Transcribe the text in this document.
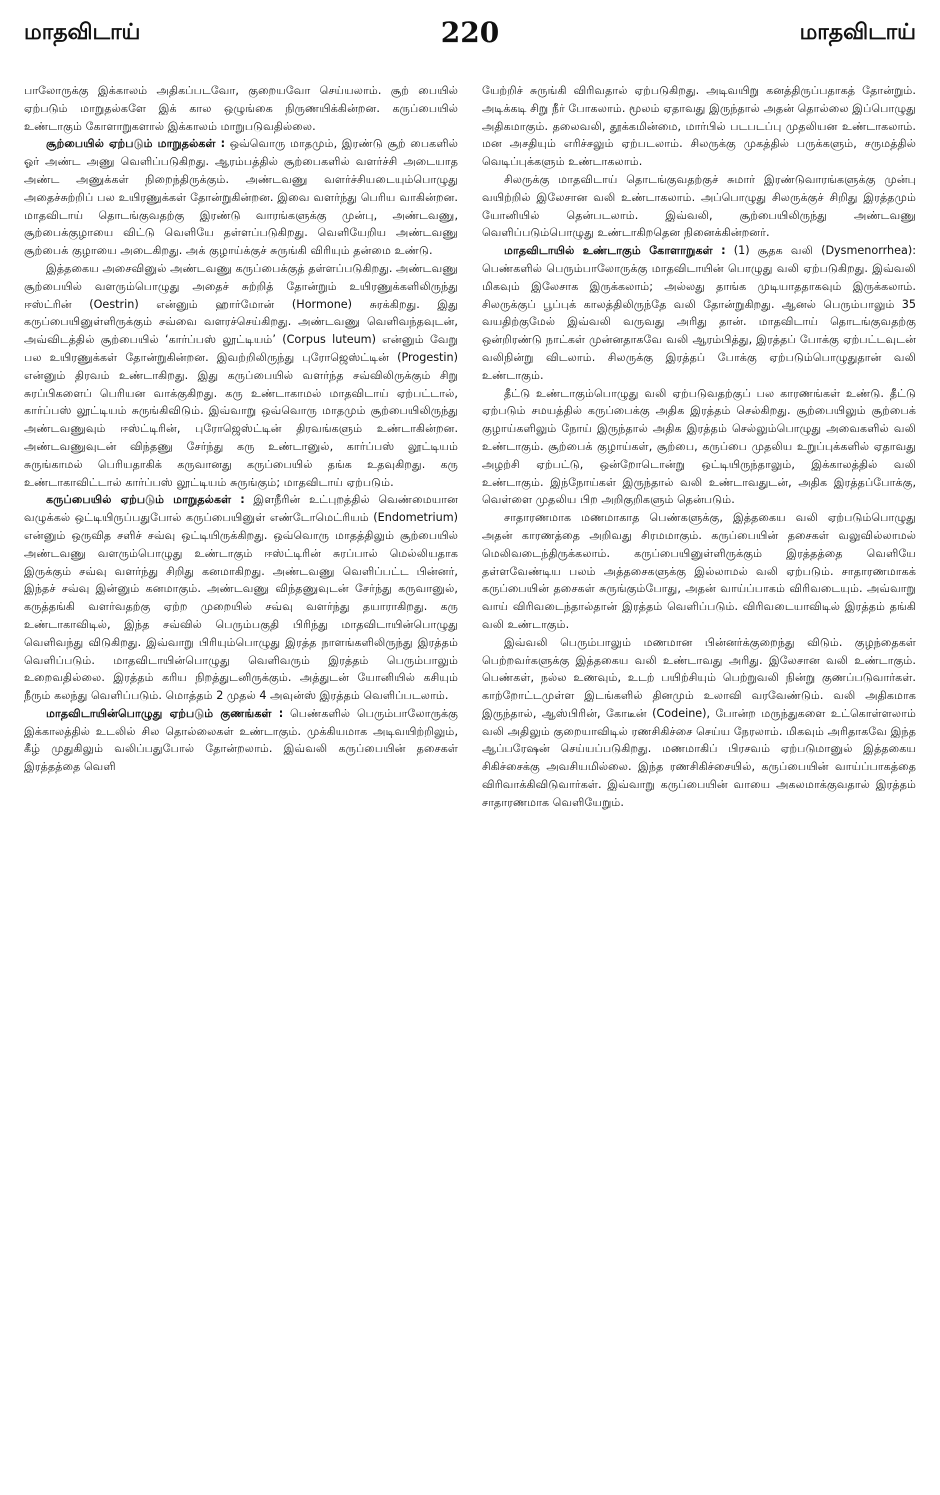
மாதவிடாய்	220	மாதவிடாய்

பாலோருக்கு இக்காலம் அதிகப்படவோ, குறையவோ செய்யலாம். சூற் பையில் ஏற்படும் மாறுதல்களே இக் கால ஒழுங்கை நிருணயிக்கின்றன. கருப்பையில் உண்டாகும் கோளாறுகளால் இக்காலம் மாறுபடுவதில்லை.

சூற்பையில் ஏற்படும் மாறுதல்கள் : ஒவ்வொரு மாதமும், இரண்டு சூற் பைகளில் ஓர் அண்ட அணு வெளிப்படுகிறது. ஆரம்பத்தில் சூற்பைகளில் வளர்ச்சி அடையாத அண்ட அணுக்கள் நிறைந்திருக்கும். அண்டவணு வளர்ச்சியடையும்பொழுது அதைச்சுற்றிப் பல உயிரணுக்கள் தோன்றுகின்றன. இவை வளர்ந்து பெரிய வாகின்றன. மாதவிடாய் தொடங்குவதற்கு இரண்டு வாரங்களுக்கு முன்பு, அண்டவணு, சூற்பைக்குழாயை விட்டு வெளியே தள்ளப்படுகிறது. வெளியேறிய அண்டவணு சூற்பைக் குழாயை அடைகிறது. அக் குழாய்க்குச் சுருங்கி விரியும் தன்மை உண்டு.

இத்தகைய அசைவினுல் அண்டவணு கருப்பைக்குத் தள்ளப்படுகிறது. அண்டவணு சூற்பையில் வளரும்பொழுது அதைச் சுற்றித் தோன்றும் உயிரணுக்களிலிருந்து ஈஸ்ட்ரின் (Oestrin) என்னும் ஹார்மோன் (Hormone) சுரக்கிறது. இது கருப்பையினுள்ளிருக்கும் சவ்வை வளரச்செய்கிறது. அண்டவணு வெளிவந்தவுடன், அவ்விடத்தில் சூற்பையில் ‘கார்ப்பஸ் லூட்டியம்’ (Corpus luteum) என்னும் வேறு பல உயிரணுக்கள் தோன்றுகின்றன. இவற்றிலிருந்து புரோஜெஸ்ட்டின் (Progestin) என்னும் திரவம் உண்டாகிறது. இது கருப்பையில் வளர்ந்த சவ்விலிருக்கும் சிறு சுரப்பிகளைப் பெரியன வாக்குகிறது. கரு உண்டாகாமல் மாதவிடாய் ஏற்பட்டால், கார்ப்பஸ் லூட்டியம் சுருங்கிவிடும். இவ்வாறு ஒவ்வொரு மாதமும் சூற்பையிலிருந்து அண்டவணுவும் ஈஸ்ட்டிரின், புரோஜெஸ்ட்டின் திரவங்களும் உண்டாகின்றன. அண்டவணுவுடன் விந்தணு சேர்ந்து கரு உண்டானுல், கார்ப்பஸ் லூட்டியம் சுருங்காமல் பெரியதாகிக் கருவானது கருப்பையில் தங்க உதவுகிறது. கரு உண்டாகாவிட்டால் கார்ப்பஸ் லூட்டியம் சுருங்கும்; மாதவிடாய் ஏற்படும்.

கருப்பையில் ஏற்படும் மாறுதல்கள் : இளநீரின் உட்புறத்தில் வெண்மையான வழுக்கல் ஒட்டியிருப்பதுபோல் கருப்பையினுள் எண்டோமெட்ரியம் (Endometrium) என்னும் ஒருவித சளிச் சவ்வு ஒட்டியிருக்கிறது. ஒவ்வொரு மாதத்திலும் சூற்பையில் அண்டவணு வளரும்பொழுது உண்டாகும் ஈஸ்ட்டிரின் சுரப்பால் மெல்லியதாக இருக்கும் சவ்வு வளர்ந்து சிறிது கனமாகிறது. அண்டவணு வெளிப்பட்ட பின்னர், இந்தச் சவ்வு இன்னும் கனமாகும். அண்டவணு விந்தணுவுடன் சேர்ந்து கருவானுல், கருத்தங்கி வளர்வதற்கு ஏற்ற முறையில் சவ்வு வளர்ந்து தயாராகிறது. கரு உண்டாகாவிடில், இந்த சவ்வில் பெரும்பகுதி பிரிந்து மாதவிடாயின்பொழுது வெளிவந்து விடுகிறது. இவ்வாறு பிரியும்பொழுது இரத்த நாளங்களிலிருந்து இரத்தம் வெளிப்படும். மாதவிடாயின்பொழுது வெளிவரும் இரத்தம் பெரும்பாலும் உறைவதில்லை. இரத்தம் கரிய நிறத்துடனிருக்கும். அத்துடன் யோனியில் கசியும் நீரும் கலந்து வெளிப்படும். மொத்தம் 2 முதல் 4 அவுன்ஸ் இரத்தம் வெளிப்படலாம்.

மாதவிடாயின்பொழுது ஏற்படும் குணங்கள் : பெண்களில் பெரும்பாலோருக்கு இக்காலத்தில் உடலில் சில தொல்லைகள் உண்டாகும். முக்கியமாக அடிவயிற்றிலும், கீழ் முதுகிலும் வலிப்பதுபோல் தோன்றலாம். இவ்வலி கருப்பையின் தசைகள் இரத்தத்தை வெளி

யேற்றிச் சுருங்கி விரிவதால் ஏற்படுகிறது. அடிவயிறு கனத்திருப்பதாகத் தோன்றும். அடிக்கடி சிறு நீர் போகலாம். மூலம் ஏதாவது இருந்தால் அதன் தொல்லை இப்பொழுது அதிகமாகும். தலைவலி, தூக்கமின்மை, மார்பில் படபடப்பு முதலியன உண்டாகலாம். மன அசதியும் எரிச்சலும் ஏற்படலாம். சிலருக்கு முகத்தில் பருக்களும், சருமத்தில் வெடிப்புக்களும் உண்டாகலாம்.

சிலருக்கு மாதவிடாய் தொடங்குவதற்குச் சுமார் இரண்டுவாரங்களுக்கு முன்பு வயிற்றில் இலேசான வலி உண்டாகலாம். அப்பொழுது சிலருக்குச் சிறிது இரத்தமும் யோனியில் தென்படலாம். இவ்வலி, சூற்பையிலிருந்து அண்டவணு வெளிப்படும்பொழுது உண்டாகிறதென நினைக்கின்றனர்.

மாதவிடாயில் உண்டாகும் கோளாறுகள் : (1) சூதக வலி (Dysmenorrhea): பெண்களில் பெரும்பாலோருக்கு மாதவிடாயின் பொழுது வலி ஏற்படுகிறது. இவ்வலி மிகவும் இலேசாக இருக்கலாம்; அல்லது தாங்க முடியாததாகவும் இருக்கலாம். சிலருக்குப் பூப்புக் காலத்திலிருந்தே வலி தோன்றுகிறது. ஆனல் பெரும்பாலும் 35 வயதிற்குமேல் இவ்வலி வருவது அரிது தான். மாதவிடாய் தொடங்குவதற்கு ஒன்றிரண்டு நாட்கள் முன்னதாகவே வலி ஆரம்பித்து, இரத்தப் போக்கு ஏற்பட்டவுடன் வலிநின்று விடலாம். சிலருக்கு இரத்தப் போக்கு ஏற்படும்பொழுதுதான் வலி உண்டாகும்.

தீட்டு உண்டாகும்பொழுது வலி ஏற்படுவதற்குப் பல காரணங்கள் உண்டு. தீட்டு ஏற்படும் சமயத்தில் கருப்பைக்கு அதிக இரத்தம் செல்கிறது. சூற்பையிலும் சூற்பைக் குழாய்களிலும் நோய் இருந்தால் அதிக இரத்தம் செல்லும்பொழுது அவைகளில் வலி உண்டாகும். சூற்பைக் குழாய்கள், சூற்பை, கருப்பை முதலிய உறுப்புக்களில் ஏதாவது அழற்சி ஏற்பட்டு, ஒன்றோடொன்று ஒட்டியிருந்தாலும், இக்காலத்தில் வலி உண்டாகும். இந்நோய்கள் இருந்தால் வலி உண்டாவதுடன், அதிக இரத்தப்போக்கு, வெள்ளை முதலிய பிற அறிகுறிகளும் தென்படும்.

சாதாரணமாக மணமாகாத பெண்களுக்கு, இத்தகைய வலி ஏற்படும்பொழுது அதன் காரணத்தை அறிவது சிரமமாகும். கருப்பையின் தசைகள் வலுவில்லாமல் மெலிவடைந்திருக்கலாம். கருப்பையினுள்ளிருக்கும் இரத்தத்தை வெளியே தள்ளவேண்டிய பலம் அத்தசைகளுக்கு இல்லாமல் வலி ஏற்படும். சாதாரணமாகக் கருப்பையின் தசைகள் சுருங்கும்போது, அதன் வாய்ப்பாகம் விரிவடையும். அவ்வாறு வாய் விரிவடைந்தால்தான் இரத்தம் வெளிப்படும். விரிவடையாவிடில் இரத்தம் தங்கி வலி உண்டாகும்.

இவ்வலி பெரும்பாலும் மணமான பின்னர்க்குறைந்து விடும். குழந்தைகள் பெற்றவர்களுக்கு இத்தகைய வலி உண்டாவது அரிது. இலேசான வலி உண்டாகும். பெண்கள், நல்ல உணவும், உடற் பயிற்சியும் பெற்றுவலி நின்று குணப்படுவார்கள். காற்றோட்டமுள்ள இடங்களில் தினமும் உலாவி வரவேண்டும். வலி அதிகமாக இருந்தால், ஆஸ்பிரின், கோடீன் (Codeine), போன்ற மருந்துகளை உட்கொள்ளலாம் வலி அதிலும் குறையாவிடில் ரணசிகிச்சை செய்ய நேரலாம். மிகவும் அரிதாகவே இந்த ஆப்பரேஷன் செய்யப்படுகிறது. மணமாகிப் பிரசவம் ஏற்படுமானுல் இத்தகைய சிகிச்சைக்கு அவசியமில்லை. இந்த ரணசிகிச்சையில், கருப்பையின் வாய்ப்பாகத்தை விரிவாக்கிவிடுவார்கள். இவ்வாறு கருப்பையின் வாயை அகலமாக்குவதால் இரத்தம் சாதாரணமாக வெளியேறும்.
